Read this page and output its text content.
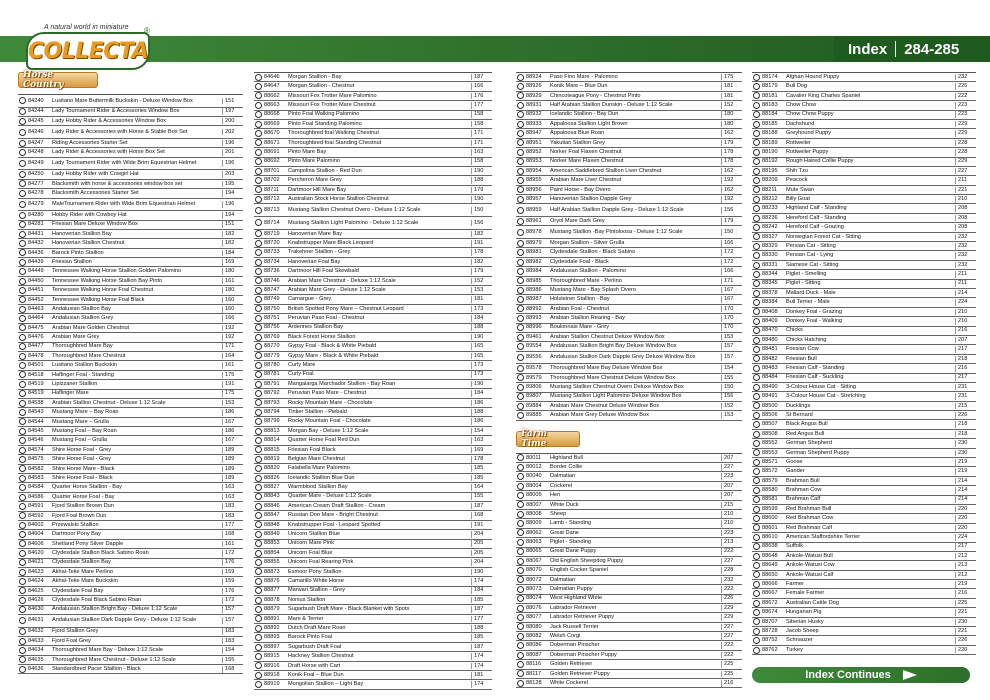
A natural world in miniature
COLLECTA
®
Index 284-285
Horse Country
84240	Lusitano Mare Buttermilk Buckskin - Deluxe Window Box	151
84244	Lady Tournament Rider & Accessories Window Box	197
84245	Lady Hobby Rider & Accessories Window Box	200
84246	Lady Rider & Accessories with Horse & Stable Box Set	202
84247	Riding Accessories Starter Set	196
84248	Lady Rider & Accessories with Horse Box Set	201
84249	Lady Tournament Rider with Wide Brim Equestrian Helmet	196
84250	Lady Hobby Rider with Cowgirl Hat	203
84277	Blacksmith with horse & accessories window box set	195
84278	Blacksmith Accessories Starter Set	194
84279	MaleTournament Rider with Wide Brim Equestrian Helmet	196
84280	Hobby Rider with Cowboy Hat	194
84281	Friesian Mare Deluxe Window Box	151
84431	Hanoverian Stallion Bay	182
84432	Hanoverian Stallion Chestnut	182
84436	Barock Pinto Stallion	184
84439	Friesian Stallion	169
84449	Tennessee Walking Horse Stallion Golden Palomino	180
84450	Tennessee Walking Horse Stallion Bay Pinto	161
84451	Tennessee Walking Horse Foal Chestnut	180
84452	Tennessee Walking Horse Foal Black	160
84463	Andalusian Stallion Bay	160
84464	Andalusian Stallion Grey	166
84475	Arabian Mare Golden Chestnut	192
84476	Arabian Mare Grey	192
84477	Thoroughbred Mare Bay	171
84478	Thoroughbred Mare Chestnut	164
84501	Lusitano Stallion Buckskin	161
84518	Haflinger Foal - Standing	175
84519	Lipizzaner Stallion	191
84519	Haflinger Mare	175
84538	Arabian Stallion Chestnut - Deluxe 1:12 Scale	153
84543	Mustang Mare – Bay Roan	186
84544	Mustang Mare – Grulla	167
84545	Mustang Foal – Bay Roan	186
84546	Mustang Foal – Grulla	167
84574	Shire Horse Foal - Grey	189
84575	Shire Horse Foal - Grey	189
84582	Shire Horse Mare - Black	189
84583	Shire Horse Foal - Black	189
84584	Quarter Horse Stallion - Bay	163
84586	Quarter Horse Foal - Bay	163
84591	Fjord Stallion Brown Dun	183
84592	Fjord Foal Brown Dun	183
84602	Przewalski Stallion	177
84604	Dartmoor Pony Bay	168
84606	Shetland Pony Silver Dapple	161
84620	Clydesdale Stallion Black Sabino Roan	172
84621	Clydesdale Stallion Bay	176
84623	Akhal-Teke Mare Perlino	159
84624	Akhal-Teke Mare Buckskin	159
84625	Clydesdale Foal Bay	176
84626	Clydesdale Foal Black Sabino Roan	172
84630	Andalusian Stallion Bright Bay - Deluxe 1:12 Scale	157
84631	Andalusian Stallion Dark Dapple Grey - Deluxe 1:12 Scale	157
84632	Fjord Stallion Grey	183
84633	Fjord Foal Grey	183
84634	Thoroughbred Mare Bay - Deluxe 1:12 Scale	154
84635	Thoroughbred Mare Chestnut - Deluxe 1:12 Scale	155
84636	Standardbred Pacer Stallion - Black	168
84646	Morgan Stallion - Bay	187
84647	Morgan Stallion - Chestnut	166
88662	Missouri Fox Trotter Mare Palomino	176
88663	Missouri Fox Trotter Mare Chestnut	177
88668	Pinto Foal Walking Palomino	158
88669	Pinto Foal Standing Palomino	158
88670	Thoroughbred foal Walking Chestnut	171
88671	Thoroughbred foal Standing Chestnut	171
88691	Pinto Mare Bay	163
88692	Pinto Mare Palomino	158
88701	Campolina Stallion - Red Dun	190
88702	Percheron Mare Grey	188
88711	Dartmoor Hill Mare Bay	179
88712	Australian Stock Horse Stallion Chestnut	190
88713	Mustang Stallion Chestnut Overo - Deluxe 1:12 Scale	150
88714	Mustang Stallion Light Palomino - Deluxe 1:12 Scale	156
88719	Hanoverian Mare Bay	182
88720	Knabstrupper Mare Black Leopard	191
88733	Trakehner Stallion - Grey	178
88734	Hanoverian Foal Bay	182
88736	Dartmoor Hill Foal Skewbald	179
88746	Arabian Mare Chestnut - Deluxe 1:12 Scale	152
88747	Arabian Mare Grey - Deluxe 1:12 Scale	153
88749	Camargue - Grey	181
88750	British Spotted Pony Mare – Chestnut Leopard	173
88751	Peruvian Paso Foal - Chestnut	184
88756	Ardennes Stallion Bay	188
88769	Black Forest Horse Stallion	190
88770	Gypsy Foal - Black & White Piebald	165
88779	Gypsy Mare - Black & White Piebald	165
88780	Curly Mare	173
88781	Curly Foal	173
88791	Mangalarga Marchador Stallion - Bay Roan	190
88792	Peruvian Paso Mare - Chestnut	184
88793	Rocky Mountain Mare - Chocolate	186
88794	Tinker Stallion - Piebald	188
88799	Rocky Mountain Foal - Chocolate	186
88813	Morgan Bay - Deluxe 1:12 Scale	154
88814	Quarter Horse Foal Red Dun	163
88815	Friesian Foal Black	169
88819	Belgian Mare Chestnut	178
88820	Falabella Mare Palomino	185
88826	Icelandic Stallion Blue Dun	185
88827	Warmblood Stallion Bay	164
88843	Quarter Mare - Deluxe 1:12 Scale	155
88846	American Cream Draft Stallion - Cream	187
88847	Russian Don Mare - Bright Chestnut	168
88848	Knabstrupper Foal - Leopard Spotted	191
88849	Unicorn Stallion Blue	204
88853	Unicorn Mare Pink	205
88854	Unicorn Foal Blue	205
88855	Unicorn Foal Rearing Pink	204
88873	Exmoor Pony Stallion	190
88876	Camarillo White Horse	174
88877	Marwari Stallion - Grey	184
88878	Nonius Stallion	185
88879	Sugarbush Draft Mare - Black Blanket with Spots	187
88891	Mare & Terrier	177
88892	Dutch Draft Mare Roan	188
88893	Barock Pinto Foal	185
88897	Sugarbush Draft Foal	187
88915	Hackney Stallion Chestnut	174
88916	Draft Horse with Cart	174
88918	Konik Foal – Blue Dun	181
88919	Mongolian Stallion – Light Bay	174
88924	Paso Fino Mare - Palomino	175
88926	Konik Mare – Blue Dun	181
88929	Chincoteague Pony - Chestnut Pinto	181
88931	Half Arabian Stallion Dunskin - Deluxe 1:12 Scale	152
88932	Icelandic Stallion - Bay Dun	180
88933	Appaloosa Stallion Light Brown	180
88947	Appaloosa Blue Roan	162
88951	Yakutian Stallion Grey	179
88952	Norker Foal Flaxen Chestnut	178
88953	Norker Mare Flaxen Chestnut	178
88954	American Saddlebred Stallion Liver Chestnut	162
88955	Arabian Mare Liver Chestnut	192
88956	Paint Horse - Bay Overo	162
88957	Hanoverian Stallion Dapple Grey	192
88959	Half Arabian Stallion Dapple Grey - Deluxe 1:12 Scale	156
88961	Oryol Mare Dark Grey	179
88978	Mustang Stallion -Bay Pintoloosa - Deluxe 1:12 Scale	150
88979	Morgan Stallion - Silver Grulla	166
88981	Clydesdale Stallion - Black Sabino	172
88982	Clydesdale Foal - Black	172
88984	Andalusian Stallion - Palomino	166
88985	Thoroughbred Mare - Perlino	171
88986	Mustang Mare - Bay Splash Overo	167
88987	Holsteiner Stallion - Bay	167
88992	Arabian Foal - Chestnut	170
88993	Arabian Stallion Rearing - Bay	170
88996	Boulonnais Mare - Grey	170
89461	Arabian Stallion Chestnut Deluxe Window Box	153
89554	Andalusian Stallion Bright Bay Deluxe Window Box	157
89556	Andalusian Stallion Dark Dapple Grey Deluxe Window Box	157
89578	Thoroughbred Mare Bay Deluxe Window Box	154
89579	Thoroughbred Mare Chestnut Deluxe Window Box	155
89806	Mustang Stallion Chestnut Overo Deluxe Window Box	150
89807	Mustang Stallion Light Palomino Deluxe Window Box	156
89884	Arabian Mare Chestnut Deluxe Window Box	152
89885	Arabian Mare Grey Deluxe Window Box	153
Farm Time
80011	Highland Bull	207
80012	Border Collie	227
80040	Dalmatian	223
88004	Cockerel	207
88005	Hen	207
88007	White Duck	215
88008	Sheep	210
88009	Lamb - Standing	210
88062	Great Dane	223
88063	Piglet - Standing	213
88065	Great Dane Puppy	222
88067	Old English Sheepdog Puppy	227
88070	English Cocker Spaniel	228
88072	Dalmatian	232
88073	Dalmatian Puppy	222
88074	West Highland White	226
88076	Labrador Retriever	229
88077	Labrador Retriever Puppy	229
88080	Jack Russell Terrier	227
88082	Welsh Corgi	227
88086	Doberman Pinscher	222
88087	Doberman Pinscher Puppy	222
88116	Golden Retriever	225
88117	Golden Retriever Puppy	225
88128	White Cockerel	216
88174	Afghan Hound Puppy	232
88179	Bull Dog	226
88181	Cavalier King Charles Spaniel	222
88183	Chow Chow	223
88184	Chow Chow Puppy	223
88185	Dachshund	229
88188	Greyhound Puppy	229
88189	Rottweiler	228
88190	Rottweiler Puppy	228
88192	Rough Haired Collie Puppy	229
88195	Shih Tzu	227
88209	Peacock	211
88211	Mute Swan	221
88212	Billy Goat	210
88233	Highland Calf - Standing	208
88236	Hereford Calf - Standing	208
88242	Hereford Calf - Grazing	208
88327	Norwegian Forest Cat - Sitting	232
88329	Persian Cat - Sitting	232
88330	Persian Cat - Lying	232
88331	Siamese Cat - Sitting	232
88344	Piglet - Smelling	211
88345	Piglet - Sitting	211
88378	Mallard Duck - Male	214
88384	Bull Terrier - Male	224
88408	Donkey Foal - Grazing	210
88409	Donkey Foal - Walking	210
88470	Chicks	216
88480	Chicks Hatching	207
88481	Friesian Cow	217
88482	Friesian Bull	218
88483	Friesian Calf - Standing	216
88484	Friesian Calf - Suckling	217
88490	3-Colour House Cat - Sitting	231
88491	3-Colour House Cat - Stretching	231
88500	Ducklings	215
88506	St Bernard	226
88507	Black Angus Bull	218
88508	Red Angus Bull	218
88552	German Shepherd	230
88553	German Shepherd Puppy	230
88571	Goose	219
88572	Gander	219
88579	Brahman Bull	214
88580	Brahman Cow	214
88581	Brahman Calf	214
88599	Red Brahman Bull	220
88600	Red Brahman Cow	220
88601	Red Brahman Calf	220
88610	American Staffordshire Terrier	224
88638	Suffolk	217
88648	Ankole-Watusi Bull	212
88649	Ankole-Watusi Cow	213
88650	Ankole-Watusi Calf	212
88666	Farmer	219
88667	Female Farmer	216
88672	Australian Cattle Dog	225
88674	Hungarian Pig	221
88707	Siberian Husky	230
88728	Jacob Sheep	221
88752	Schnauzer	226
88762	Turkey	220
Index Continues
